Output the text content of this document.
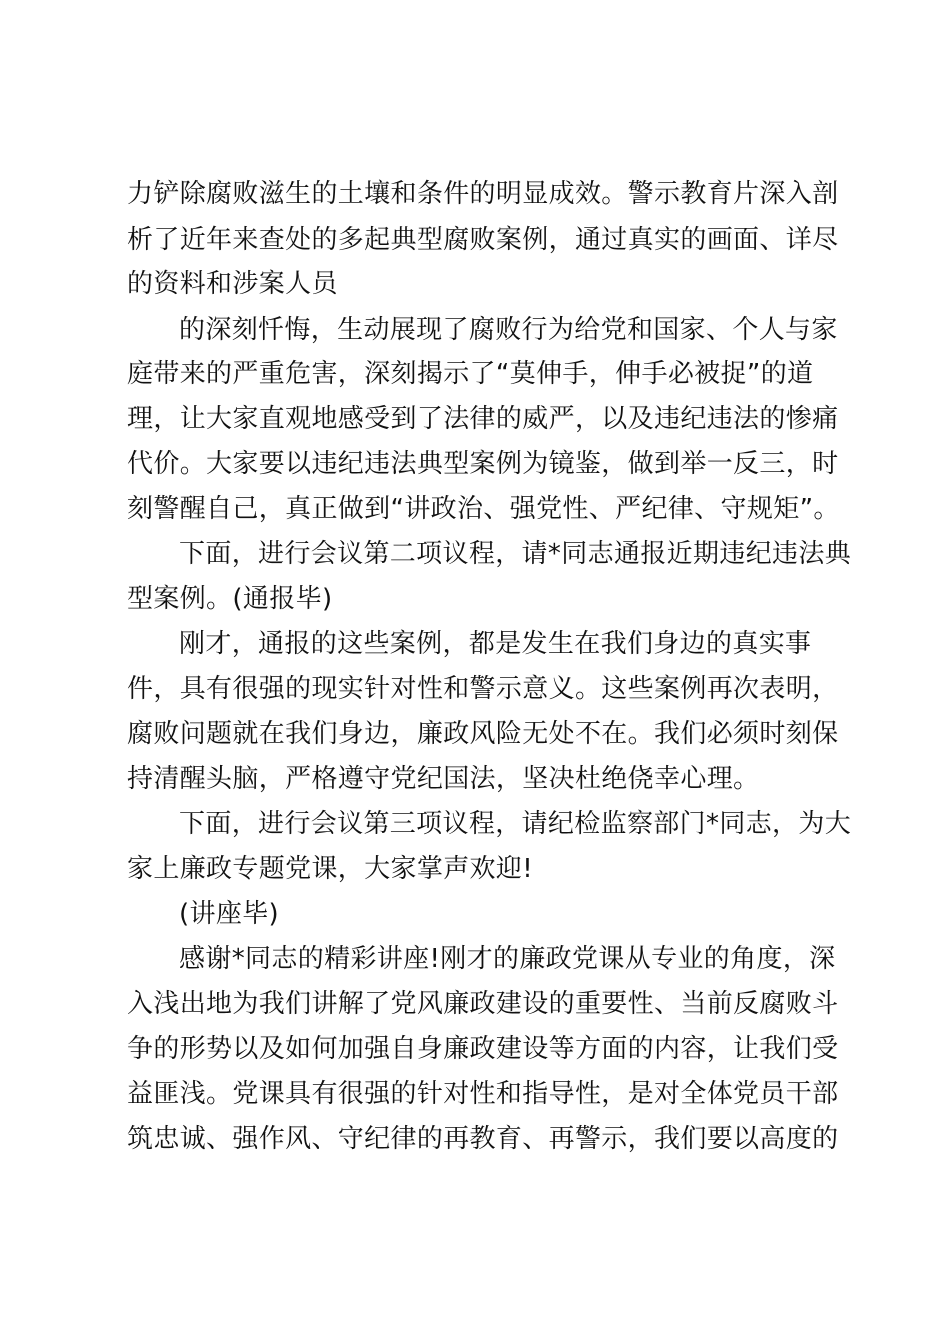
力铲除腐败滋生的土壤和条件的明显成效。警示教育片深入剖
析了近年来查处的多起典型腐败案例，通过真实的画面、详尽
的资料和涉案人员
的深刻忏悔，生动展现了腐败行为给党和国家、个人与家
庭带来的严重危害，深刻揭示了“莫伸手，伸手必被捉”的道
理，让大家直观地感受到了法律的威严，以及违纪违法的惨痛
代价。大家要以违纪违法典型案例为镜鉴，做到举一反三，时
刻警醒自己，真正做到“讲政治、强党性、严纪律、守规矩”。
下面，进行会议第二项议程，请*同志通报近期违纪违法典
型案例。(通报毕)
刚才，通报的这些案例，都是发生在我们身边的真实事
件，具有很强的现实针对性和警示意义。这些案例再次表明，
腐败问题就在我们身边，廉政风险无处不在。我们必须时刻保
持清醒头脑，严格遵守党纪国法，坚决杜绝侥幸心理。
下面，进行会议第三项议程，请纪检监察部门*同志，为大
家上廉政专题党课，大家掌声欢迎!
(讲座毕)
感谢*同志的精彩讲座!刚才的廉政党课从专业的角度，深
入浅出地为我们讲解了党风廉政建设的重要性、当前反腐败斗
争的形势以及如何加强自身廉政建设等方面的内容，让我们受
益匪浅。党课具有很强的针对性和指导性，是对全体党员干部
筑忠诚、强作风、守纪律的再教育、再警示，我们要以高度的
